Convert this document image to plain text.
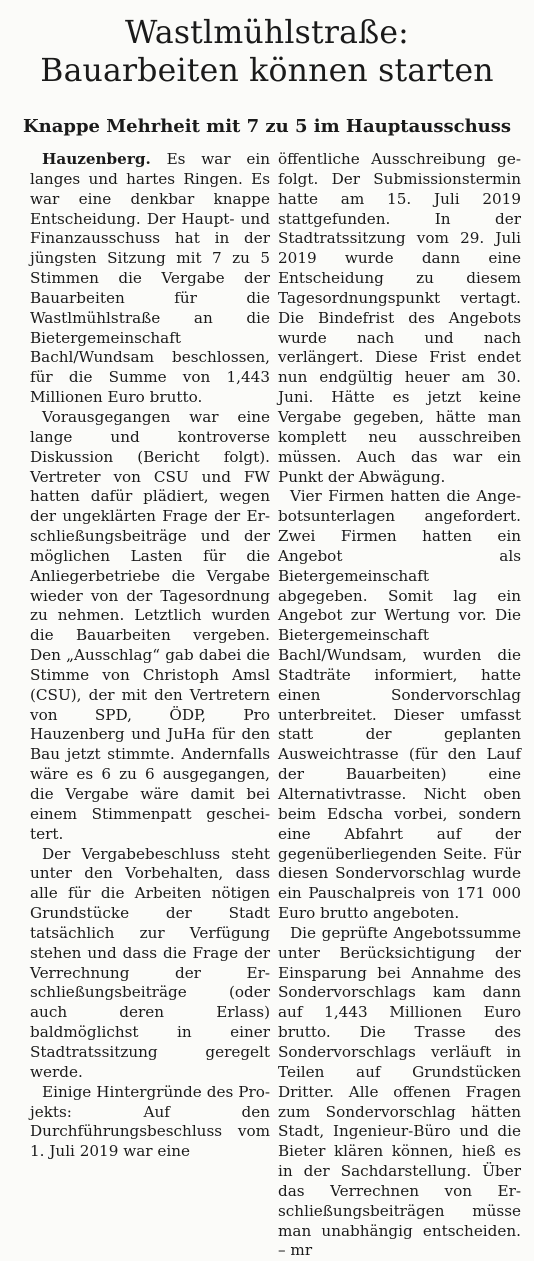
Wastlmühlstraße:
Bauarbeiten können starten
Knappe Mehrheit mit 7 zu 5 im Hauptausschuss

Hauzenberg. Es war ein langes und hartes Ringen. Es war eine denkbar knappe Entscheidung. Der Haupt- und Finanzausschuss hat in der jüngsten Sitzung mit 7 zu 5 Stimmen die Vergabe der Bauarbeiten für die Wastlmühlstraße an die Bietergemeinschaft Bachl/Wundsam beschlossen, für die Summe von 1,443 Millionen Euro brutto.

Vorausgegangen war eine lange und kontroverse Diskussion (Bericht folgt). Vertreter von CSU und FW hatten dafür plädiert, wegen der ungeklärten Frage der Erschließungsbeiträge und der möglichen Lasten für die Anliegerbetriebe die Vergabe wieder von der Tagesordnung zu nehmen. Letztlich wurden die Bauarbeiten vergeben. Den „Ausschlag“ gab dabei die Stimme von Christoph Amsl (CSU), der mit den Vertretern von SPD, ÖDP, Pro Hauzenberg und JuHa für den Bau jetzt stimmte. Andernfalls wäre es 6 zu 6 ausgegangen, die Vergabe wäre damit bei einem Stimmenpatt gescheitert.

Der Vergabebeschluss steht unter den Vorbehalten, dass alle für die Arbeiten nötigen Grundstücke der Stadt tatsächlich zur Verfügung stehen und dass die Frage der Verrechnung der Erschließungsbeiträge (oder auch deren Erlass) baldmöglichst in einer Stadtratssitzung geregelt werde.

Einige Hintergründe des Projekts: Auf den Durchführungsbeschluss vom 1. Juli 2019 war eine

öffentliche Ausschreibung gefolgt. Der Submissionstermin hatte am 15. Juli 2019 stattgefunden. In der Stadtratssitzung vom 29. Juli 2019 wurde dann eine Entscheidung zu diesem Tagesordnungspunkt vertagt. Die Bindefrist des Angebots wurde nach und nach verlängert. Diese Frist endet nun endgültig heuer am 30. Juni. Hätte es jetzt keine Vergabe gegeben, hätte man komplett neu ausschreiben müssen. Auch das war ein Punkt der Abwägung.

Vier Firmen hatten die Angebotsunterlagen angefordert. Zwei Firmen hatten ein Angebot als Bietergemeinschaft abgegeben. Somit lag ein Angebot zur Wertung vor. Die Bietergemeinschaft Bachl/Wundsam, wurden die Stadträte informiert, hatte einen Sondervorschlag unterbreitet. Dieser umfasst statt der geplanten Ausweichtrasse (für den Lauf der Bauarbeiten) eine Alternativtrasse. Nicht oben beim Edscha vorbei, sondern eine Abfahrt auf der gegenüberliegenden Seite. Für diesen Sondervorschlag wurde ein Pauschalpreis von 171 000 Euro brutto angeboten.

Die geprüfte Angebotssumme unter Berücksichtigung der Einsparung bei Annahme des Sondervorschlags kam dann auf 1,443 Millionen Euro brutto. Die Trasse des Sondervorschlags verläuft in Teilen auf Grundstücken Dritter. Alle offenen Fragen zum Sondervorschlag hätten Stadt, Ingenieur-Büro und die Bieter klären können, hieß es in der Sachdarstellung. Über das Verrechnen von Erschließungsbeiträgen müsse man unabhängig entscheiden. – mr
